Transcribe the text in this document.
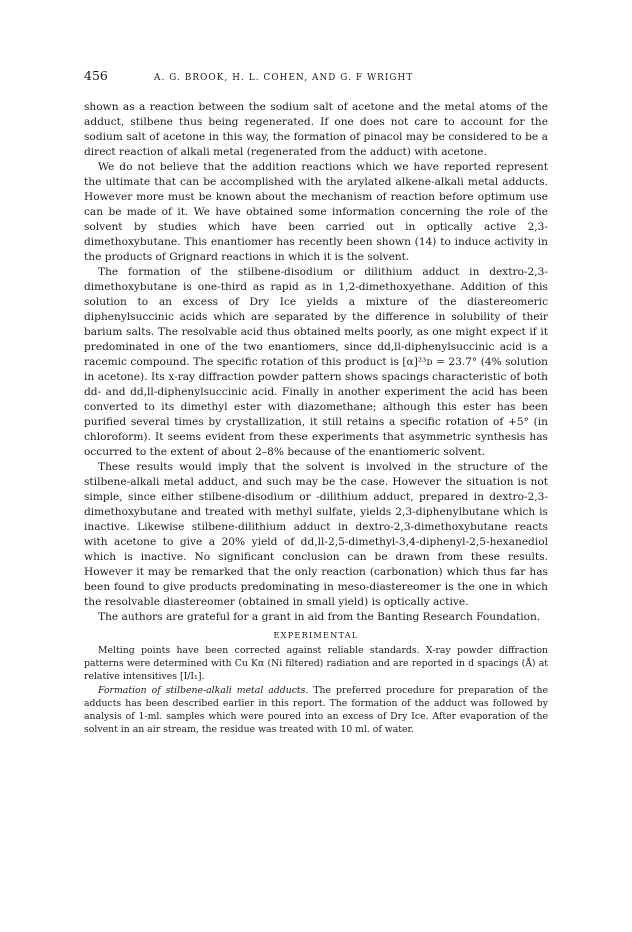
456	A. G. BROOK, H. L. COHEN, AND G. F WRIGHT

shown as a reaction between the sodium salt of acetone and the metal atoms of the adduct, stilbene thus being regenerated. If one does not care to account for the sodium salt of acetone in this way, the formation of pinacol may be considered to be a direct reaction of alkali metal (regenerated from the adduct) with acetone.

We do not believe that the addition reactions which we have reported represent the ultimate that can be accomplished with the arylated alkene-alkali metal adducts. However more must be known about the mechanism of reaction before optimum use can be made of it. We have obtained some information concerning the role of the solvent by studies which have been carried out in optically active 2,3-dimethoxybutane. This enantiomer has recently been shown (14) to induce activity in the products of Grignard reactions in which it is the solvent.

The formation of the stilbene-disodium or dilithium adduct in dextro-2,3-dimethoxybutane is one-third as rapid as in 1,2-dimethoxyethane. Addition of this solution to an excess of Dry Ice yields a mixture of the diastereomeric diphenylsuccinic acids which are separated by the difference in solubility of their barium salts. The resolvable acid thus obtained melts poorly, as one might expect if it predominated in one of the two enantiomers, since dd,ll-diphenylsuccinic acid is a racemic compound. The specific rotation of this product is [α]²³ᴅ = 23.7° (4% solution in acetone). Its x-ray diffraction powder pattern shows spacings characteristic of both dd- and dd,ll-diphenylsuccinic acid. Finally in another experiment the acid has been converted to its dimethyl ester with diazomethane; although this ester has been purified several times by crystallization, it still retains a specific rotation of +5° (in chloroform). It seems evident from these experiments that asymmetric synthesis has occurred to the extent of about 2–8% because of the enantiomeric solvent.

These results would imply that the solvent is involved in the structure of the stilbene-alkali metal adduct, and such may be the case. However the situation is not simple, since either stilbene-disodium or -dilithium adduct, prepared in dextro-2,3-dimethoxybutane and treated with methyl sulfate, yields 2,3-diphenylbutane which is inactive. Likewise stilbene-dilithium adduct in dextro-2,3-dimethoxybutane reacts with acetone to give a 20% yield of dd,ll-2,5-dimethyl-3,4-diphenyl-2,5-hexanediol which is inactive. No significant conclusion can be drawn from these results. However it may be remarked that the only reaction (carbonation) which thus far has been found to give products predominating in meso-diastereomer is the one in which the resolvable diastereomer (obtained in small yield) is optically active.

The authors are grateful for a grant in aid from the Banting Research Foundation.

EXPERIMENTAL

Melting points have been corrected against reliable standards. X-ray powder diffraction patterns were determined with Cu Kα (Ni filtered) radiation and are reported in d spacings (Å) at relative intensitives [I/I₁].

Formation of stilbene-alkali metal adducts. The preferred procedure for preparation of the adducts has been described earlier in this report. The formation of the adduct was followed by analysis of 1-ml. samples which were poured into an excess of Dry Ice. After evaporation of the solvent in an air stream, the residue was treated with 10 ml. of water.
